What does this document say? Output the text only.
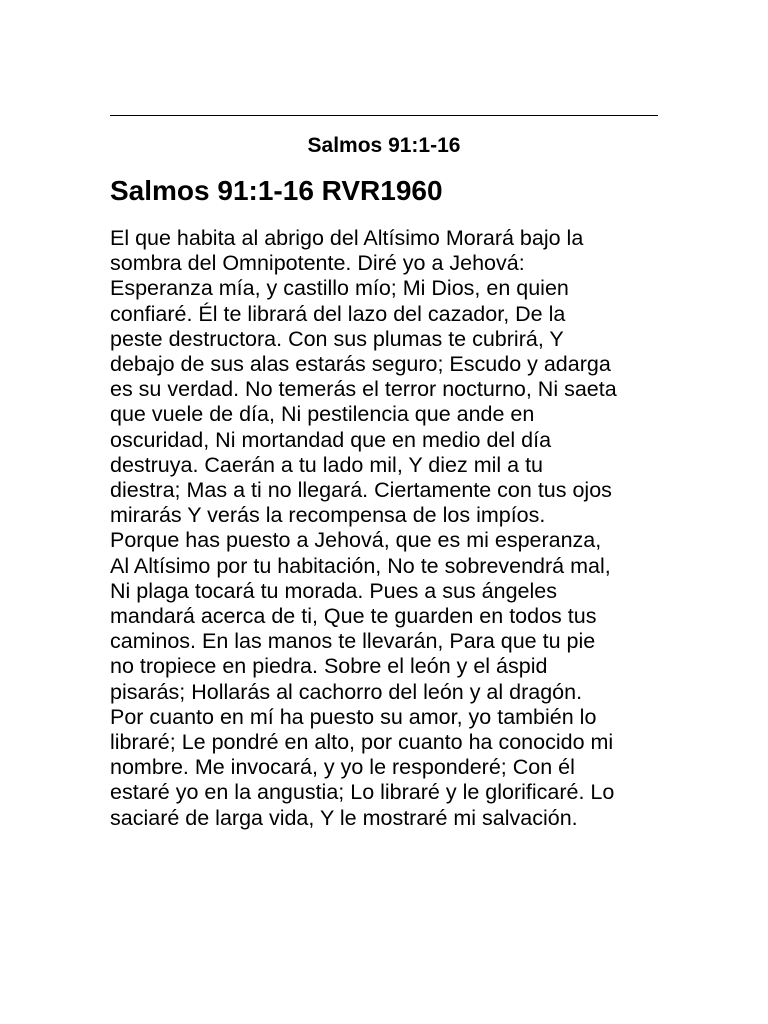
Salmos 91:1-16
Salmos 91:1-16 RVR1960
El que habita al abrigo del Altísimo Morará bajo la
sombra del Omnipotente. Diré yo a Jehová:
Esperanza mía, y castillo mío; Mi Dios, en quien
confiaré. Él te librará del lazo del cazador, De la
peste destructora. Con sus plumas te cubrirá, Y
debajo de sus alas estarás seguro; Escudo y adarga
es su verdad. No temerás el terror nocturno, Ni saeta
que vuele de día, Ni pestilencia que ande en
oscuridad, Ni mortandad que en medio del día
destruya. Caerán a tu lado mil, Y diez mil a tu
diestra; Mas a ti no llegará. Ciertamente con tus ojos
mirarás Y verás la recompensa de los impíos.
Porque has puesto a Jehová, que es mi esperanza,
Al Altísimo por tu habitación, No te sobrevendrá mal,
Ni plaga tocará tu morada. Pues a sus ángeles
mandará acerca de ti, Que te guarden en todos tus
caminos. En las manos te llevarán, Para que tu pie
no tropiece en piedra. Sobre el león y el áspid
pisarás; Hollarás al cachorro del león y al dragón.
Por cuanto en mí ha puesto su amor, yo también lo
libraré; Le pondré en alto, por cuanto ha conocido mi
nombre. Me invocará, y yo le responderé; Con él
estaré yo en la angustia; Lo libraré y le glorificaré. Lo
saciaré de larga vida, Y le mostraré mi salvación.
